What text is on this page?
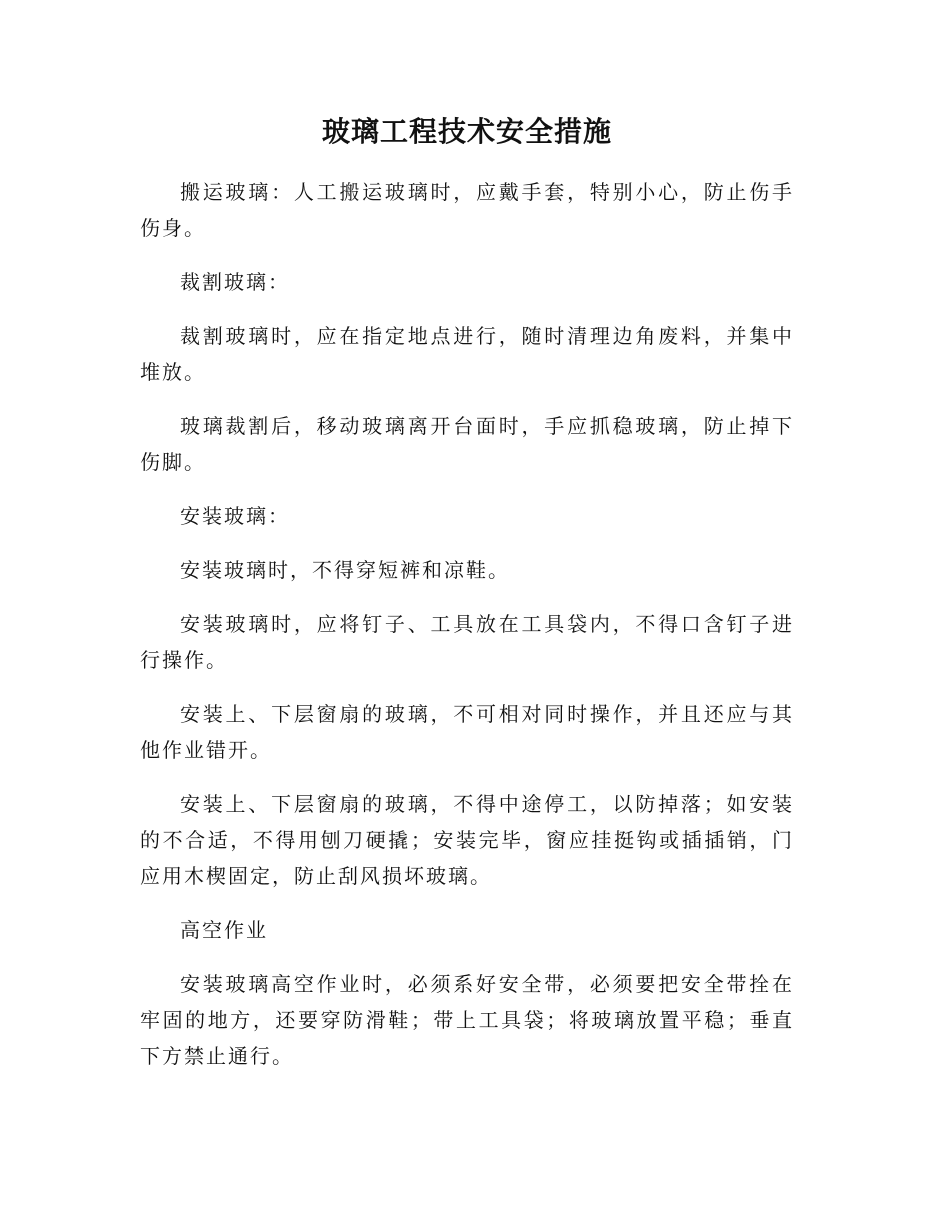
玻璃工程技术安全措施

搬运玻璃：人工搬运玻璃时，应戴手套，特别小心，防止伤手伤身。

裁割玻璃：

裁割玻璃时，应在指定地点进行，随时清理边角废料，并集中堆放。

玻璃裁割后，移动玻璃离开台面时，手应抓稳玻璃，防止掉下伤脚。

安装玻璃：

安装玻璃时，不得穿短裤和凉鞋。

安装玻璃时，应将钉子、工具放在工具袋内，不得口含钉子进行操作。

安装上、下层窗扇的玻璃，不可相对同时操作，并且还应与其他作业错开。

安装上、下层窗扇的玻璃，不得中途停工，以防掉落；如安装的不合适，不得用刨刀硬撬；安装完毕，窗应挂挺钩或插插销，门应用木楔固定，防止刮风损坏玻璃。

高空作业

安装玻璃高空作业时，必须系好安全带，必须要把安全带拴在牢固的地方，还要穿防滑鞋；带上工具袋；将玻璃放置平稳；垂直下方禁止通行。
